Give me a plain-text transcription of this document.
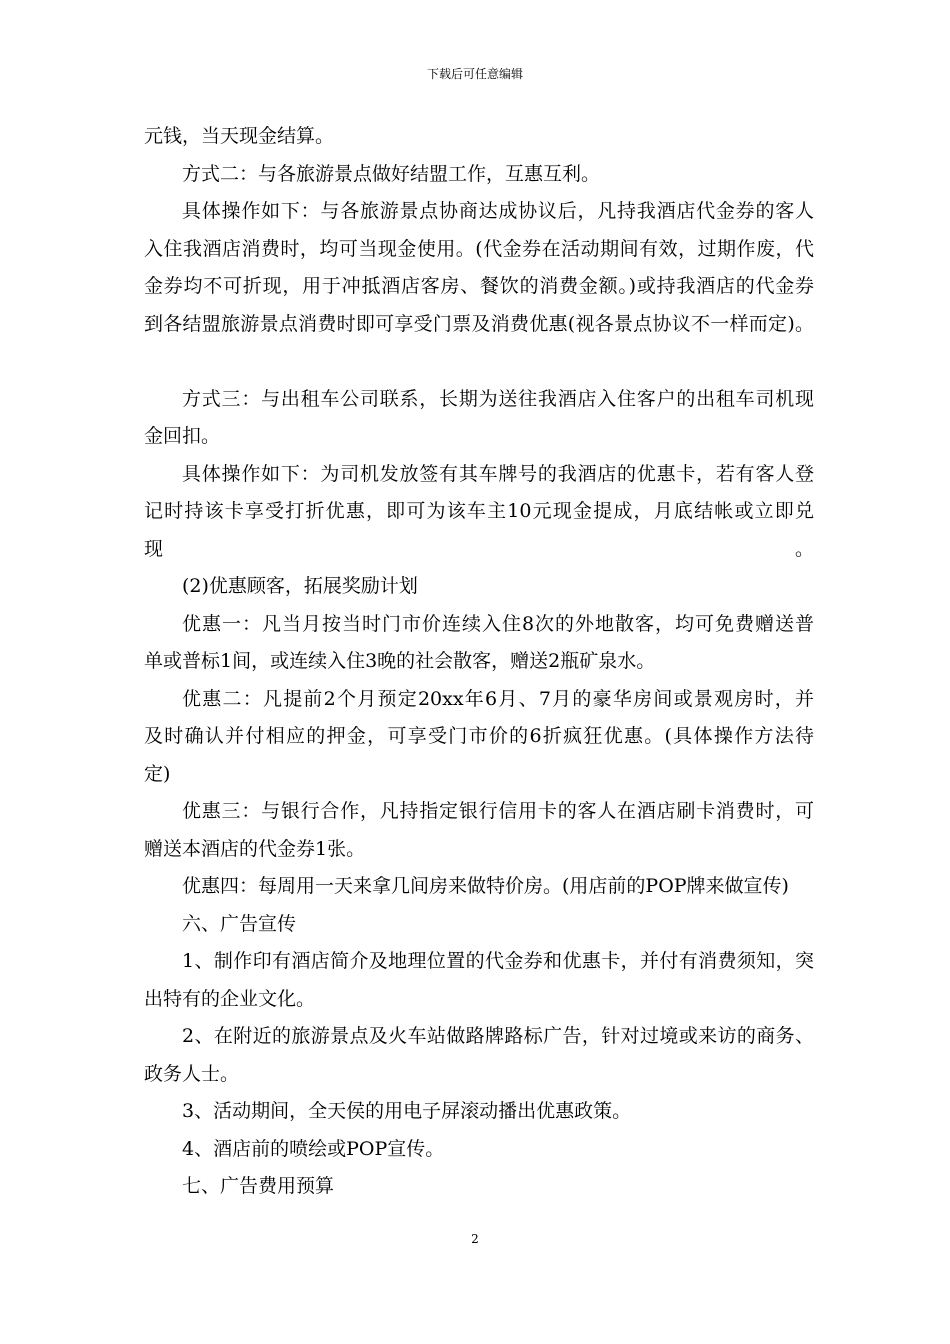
下载后可任意编辑
元钱，当天现金结算。
方式二：与各旅游景点做好结盟工作，互惠互利。
具体操作如下：与各旅游景点协商达成协议后，凡持我酒店代金券的客人
入住我酒店消费时，均可当现金使用。(代金券在活动期间有效，过期作废，代
金券均不可折现，用于冲抵酒店客房、餐饮的消费金额。)或持我酒店的代金券
到各结盟旅游景点消费时即可享受门票及消费优惠(视各景点协议不一样而定)。
方式三：与出租车公司联系，长期为送往我酒店入住客户的出租车司机现
金回扣。
具体操作如下：为司机发放签有其车牌号的我酒店的优惠卡，若有客人登
记时持该卡享受打折优惠，即可为该车主10元现金提成，月底结帐或立即兑现。
(2)优惠顾客，拓展奖励计划
优惠一：凡当月按当时门市价连续入住8次的外地散客，均可免费赠送普
单或普标1间，或连续入住3晚的社会散客，赠送2瓶矿泉水。
优惠二：凡提前2个月预定20xx年6月、7月的豪华房间或景观房时，并
及时确认并付相应的押金，可享受门市价的6折疯狂优惠。(具体操作方法待
定)
优惠三：与银行合作，凡持指定银行信用卡的客人在酒店刷卡消费时，可
赠送本酒店的代金券1张。
优惠四：每周用一天来拿几间房来做特价房。(用店前的POP牌来做宣传)
六、广告宣传
1、制作印有酒店简介及地理位置的代金券和优惠卡，并付有消费须知，突
出特有的企业文化。
2、在附近的旅游景点及火车站做路牌路标广告，针对过境或来访的商务、
政务人士。
3、活动期间，全天侯的用电子屏滚动播出优惠政策。
4、酒店前的喷绘或POP宣传。
七、广告费用预算
2
